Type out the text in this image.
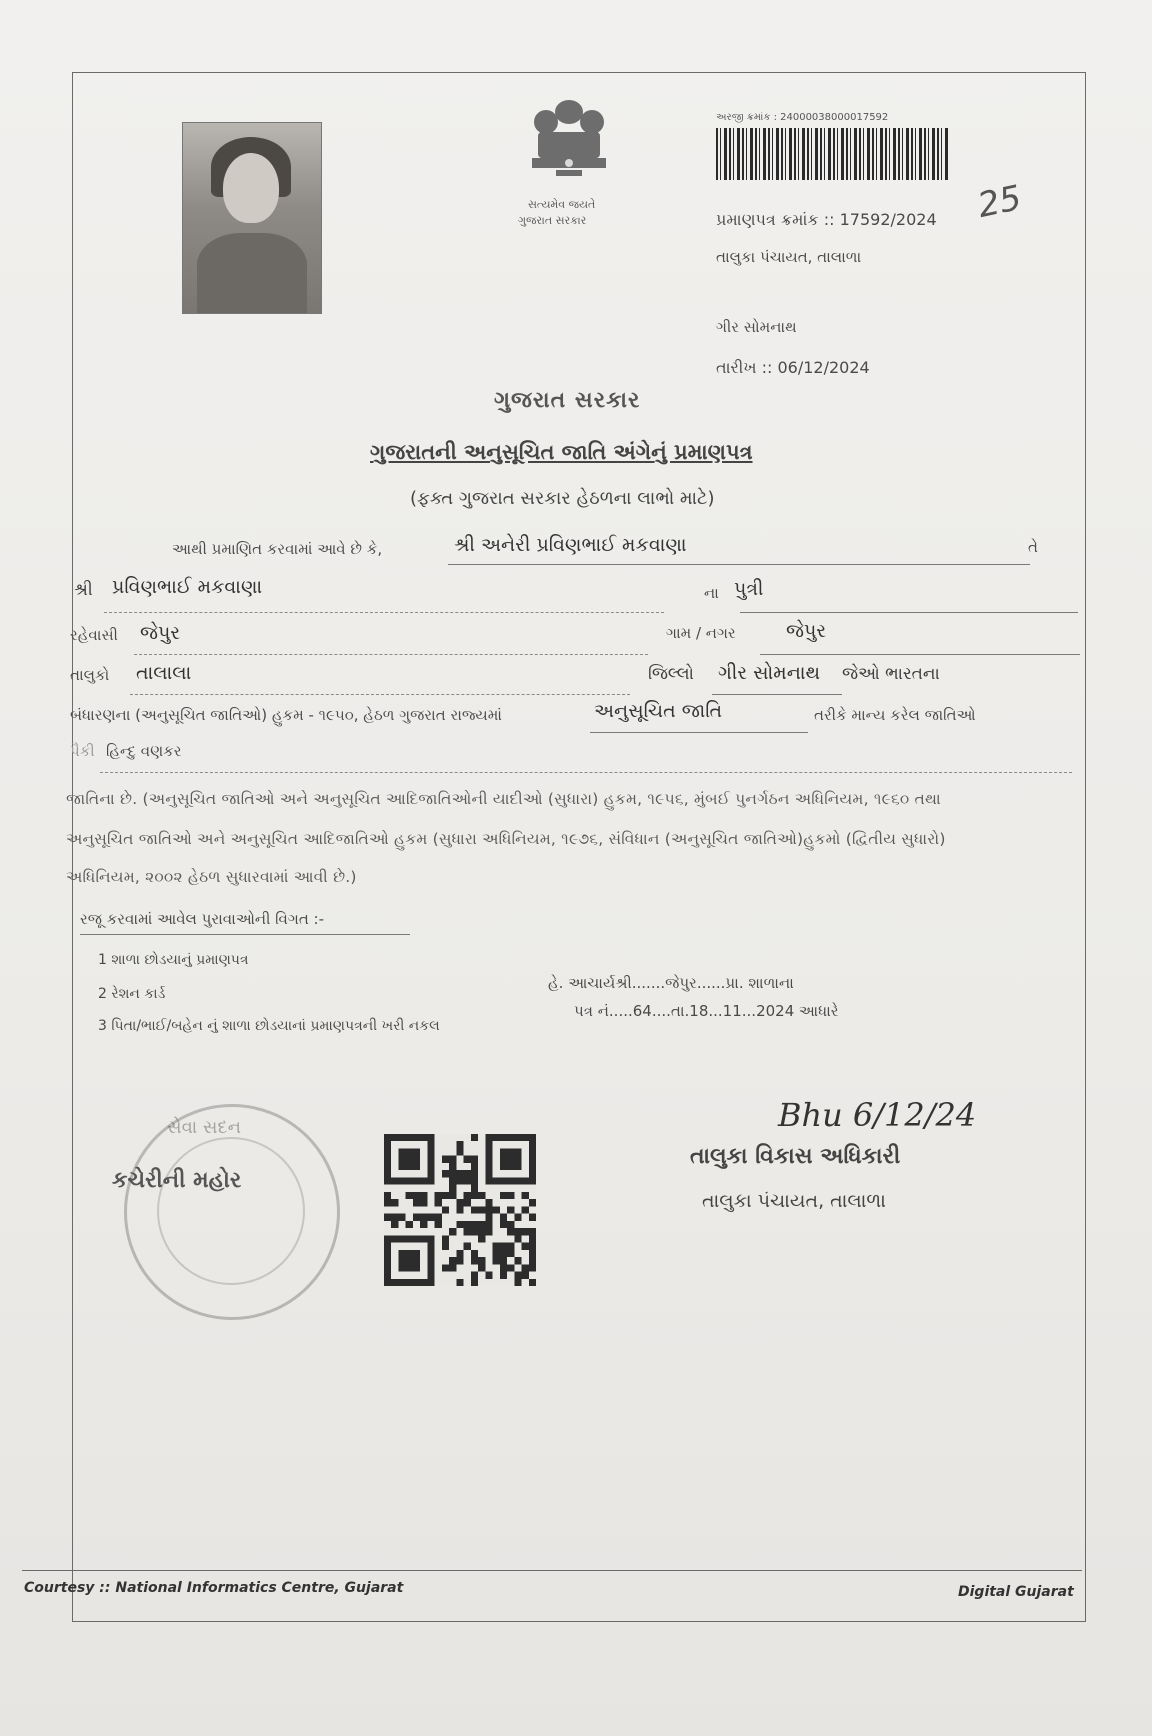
સત્યમેવ જયતે
ગુજરાત સરકાર
અરજી ક્રમાંક : 24000038000017592
પ્રમાણપત્ર ક્રમાંક :: 17592/2024 25
તાલુકા પંચાયત, તાલાળા
ગીર સોમનાથ
તારીખ :: 06/12/2024
ગુજરાત સરકાર
ગુજરાતની અનુસૂચિત જાતિ અંગેનું પ્રમાણપત્ર
(ફક્ત ગુજરાત સરકાર હેઠળના લાભો માટે)
આથી પ્રમાણિત કરવામાં આવે છે કે,	શ્રી અનેરી પ્રવિણભાઈ મકવાણા	તે
શ્રી પ્રવિણભાઈ મકવાણા	ના પુત્રી
રહેવાસી જેપુર	ગામ / નગર	જેપુર
તાલુકો તાલાલા	જિલ્લો ગીર સોમનાથ જેઓ ભારતના
બંધારણના (અનુસૂચિત જાતિઓ) હુકમ - ૧૯૫૦, હેઠળ ગુજરાત રાજ્યમાં	અનુસૂચિત જાતિ	તરીકે માન્ય કરેલ જાતિઓ
પૈકી હિન્દુ વણકર
જાતિના છે. (અનુસૂચિત જાતિઓ અને અનુસૂચિત આદિજાતિઓની યાદીઓ (સુધારા) હુકમ, ૧૯૫૬, મુંબઈ પુનર્ગઠન અધિનિયમ, ૧૯૬૦ તથા
અનુસૂચિત જાતિઓ અને અનુસૂચિત આદિજાતિઓ હુકમ (સુધારા અધિનિયમ, ૧૯૭૬, સંવિધાન (અનુસૂચિત જાતિઓ)હુકમો (દ્વિતીય સુધારો)
અધિનિયમ, ૨૦૦૨ હેઠળ સુધારવામાં આવી છે.)
રજૂ કરવામાં આવેલ પુરાવાઓની વિગત :-
1 શાળા છોડયાનું પ્રમાણપત્ર
2 રેશન કાર્ડ
3 પિતા/ભાઈ/બહેન નું શાળા છોડયાનાં પ્રમાણપત્રની ખરી નકલ
હે. આચાર્યશ્રી.......જેપુર......પ્રા. શાળાના
પત્ર નં.....64....તા.18...11...2024 આધારે
સેવા સદન
કચેરીની મહોર
Bhu 6/12/24
તાલુકા વિકાસ અધિકારી
તાલુકા પંચાયત, તાલાળા
Courtesy :: National Informatics Centre, Gujarat	Digital Gujarat
